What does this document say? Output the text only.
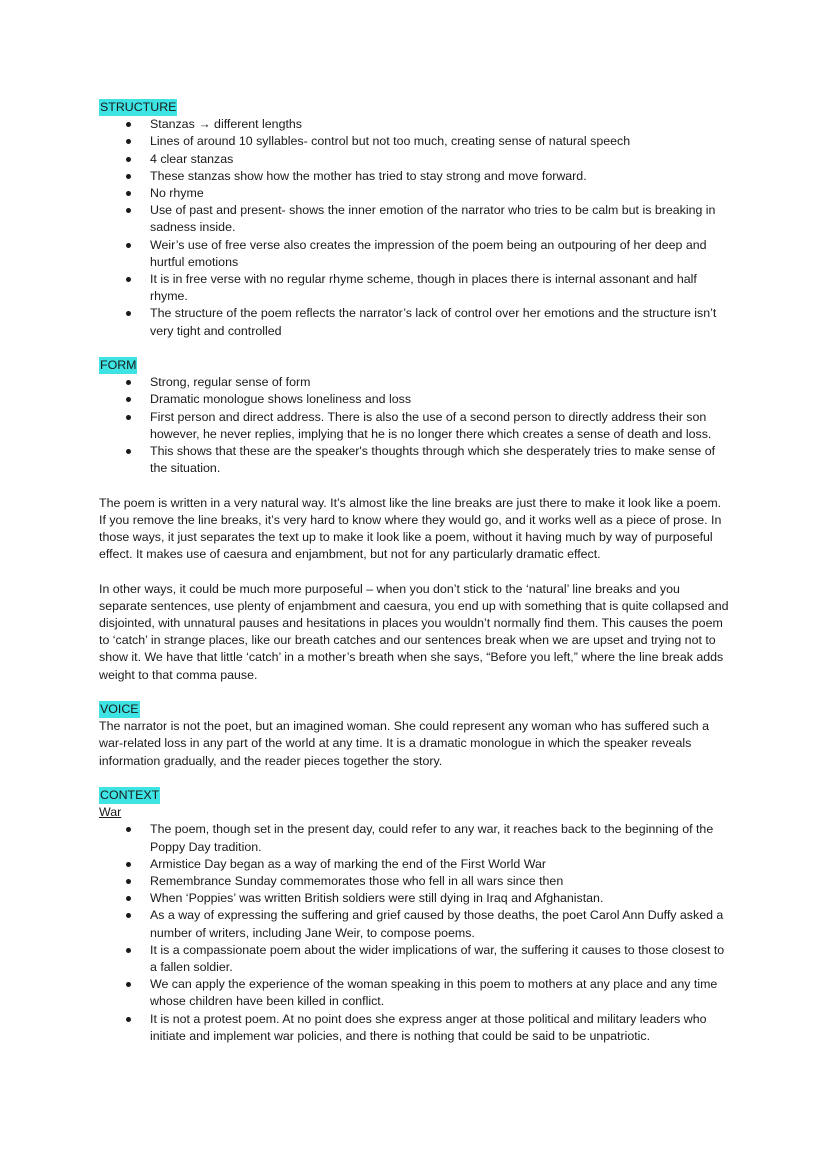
STRUCTURE
Stanzas → different lengths
Lines of around 10 syllables- control but not too much, creating sense of natural speech
4 clear stanzas
These stanzas show how the mother has tried to stay strong and move forward.
No rhyme
Use of past and present- shows the inner emotion of the narrator who tries to be calm but is breaking in sadness inside.
Weir’s use of free verse also creates the impression of the poem being an outpouring of her deep and hurtful emotions
It is in free verse with no regular rhyme scheme, though in places there is internal assonant and half rhyme.
The structure of the poem reflects the narrator’s lack of control over her emotions and the structure isn’t very tight and controlled
FORM
Strong, regular sense of form
Dramatic monologue shows loneliness and loss
First person and direct address. There is also the use of a second person to directly address their son however, he never replies, implying that he is no longer there which creates a sense of death and loss.
This shows that these are the speaker's thoughts through which she desperately tries to make sense of the situation.

The poem is written in a very natural way. It’s almost like the line breaks are just there to make it look like a poem. If you remove the line breaks, it’s very hard to know where they would go, and it works well as a piece of prose. In those ways, it just separates the text up to make it look like a poem, without it having much by way of purposeful effect. It makes use of caesura and enjambment, but not for any particularly dramatic effect.

In other ways, it could be much more purposeful – when you don’t stick to the ‘natural’ line breaks and you separate sentences, use plenty of enjambment and caesura, you end up with something that is quite collapsed and disjointed, with unnatural pauses and hesitations in places you wouldn’t normally find them. This causes the poem to ‘catch’ in strange places, like our breath catches and our sentences break when we are upset and trying not to show it. We have that little ‘catch’ in a mother’s breath when she says, “Before you left,” where the line break adds weight to that comma pause.

VOICE

The narrator is not the poet, but an imagined woman. She could represent any woman who has suffered such a war-related loss in any part of the world at any time. It is a dramatic monologue in which the speaker reveals information gradually, and the reader pieces together the story.

CONTEXT
War
The poem, though set in the present day, could refer to any war, it reaches back to the beginning of the Poppy Day tradition.
Armistice Day began as a way of marking the end of the First World War
Remembrance Sunday commemorates those who fell in all wars since then
When ‘Poppies’ was written British soldiers were still dying in Iraq and Afghanistan.
As a way of expressing the suffering and grief caused by those deaths, the poet Carol Ann Duffy asked a number of writers, including Jane Weir, to compose poems.
It is a compassionate poem about the wider implications of war, the suffering it causes to those closest to a fallen soldier.
We can apply the experience of the woman speaking in this poem to mothers at any place and any time whose children have been killed in conflict.
It is not a protest poem. At no point does she express anger at those political and military leaders who initiate and implement war policies, and there is nothing that could be said to be unpatriotic.
